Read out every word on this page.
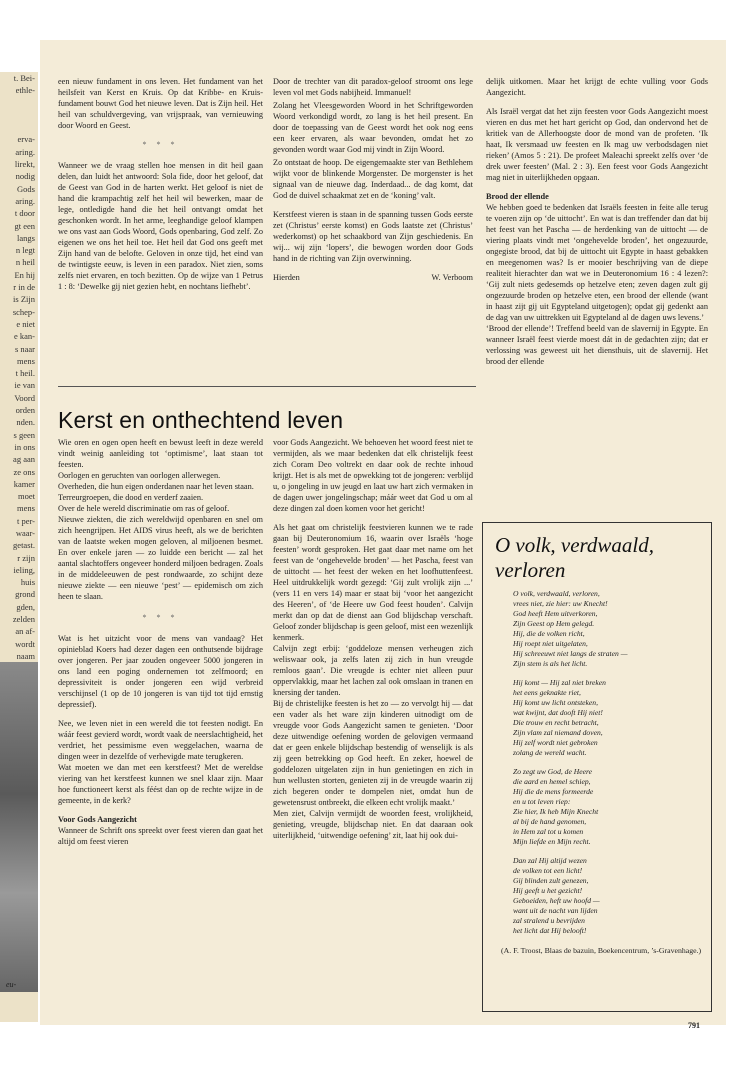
t. Bei-
ethle-

erva-
aring.
lirekt,
nodig
Gods
aring.
t door
gt een
langs
n legt
n heil
En hij
r in de
is Zijn
schep-
e niet
e kan-
s naar
mens
t heil.
ie van
Voord
orden
nden.
s geen
in ons
ag aan
ze ons
kamer
moet
mens
t per-
waar-
getast.
r zijn
ieling,
huis
grond
gden,
zelden
an af-
wordt
naam
eu-

een nieuw fundament in ons leven. Het fundament van het heilsfeit van Kerst en Kruis. Op dat Kribbe- en Kruis-fundament bouwt God het nieuwe leven. Dat is Zijn heil. Het heil van schuldvergeving, van vrijspraak, van vernieuwing door Woord en Geest.

* * *

Wanneer we de vraag stellen hoe mensen in dit heil gaan delen, dan luidt het antwoord: Sola fide, door het geloof, dat de Geest van God in de harten werkt. Het geloof is niet de hand die krampachtig zelf het heil wil bewerken, maar de lege, ontledigde hand die het heil ontvangt omdat het geschonken wordt. In het arme, leeghandige geloof klampen we ons vast aan Gods Woord, Gods openbaring, God zelf. Zo eigenen we ons het heil toe. Het heil dat God ons geeft met Zijn hand van de belofte. Geloven in onze tijd, het eind van de twintigste eeuw, is leven in een paradox. Niet zien, soms zelfs niet ervaren, en toch bezitten. Op de wijze van 1 Petrus 1 : 8: ‘Dewelke gij niet gezien hebt, en nochtans liefhebt’.

Door de trechter van dit paradox-geloof stroomt ons lege leven vol met Gods nabijheid. Immanuel!

Zolang het Vleesgeworden Woord in het Schriftgeworden Woord verkondigd wordt, zo lang is het heil present. En door de toepassing van de Geest wordt het ook nog eens een keer ervaren, als waar bevonden, omdat het zo gevonden wordt waar God mij vindt in Zijn Woord.

Zo ontstaat de hoop. De eigengemaakte ster van Bethlehem wijkt voor de blinkende Morgenster. De morgenster is het signaal van de nieuwe dag. Inderdaad... de dag komt, dat God de duivel schaakmat zet en de ‘koning’ valt.

Kerstfeest vieren is staan in de spanning tussen Gods eerste zet (Christus’ eerste komst) en Gods laatste zet (Christus’ wederkomst) op het schaakbord van Zijn geschiedenis. En wij... wij zijn ‘lopers’, die bewogen worden door Gods hand in de richting van Zijn overwinning.

Hierden	W. Verboom

delijk uitkomen. Maar het krijgt de echte vulling voor Gods Aangezicht.

Als Israël vergat dat het zijn feesten voor Gods Aangezicht moest vieren en dus met het hart gericht op God, dan ondervond het de kritiek van de Allerhoogste door de mond van de profeten. ‘Ik haat, Ik versmaad uw feesten en Ik mag uw verbodsdagen niet rieken’ (Amos 5 : 21). De profeet Maleachi spreekt zelfs over ‘de drek uwer feesten’ (Mal. 2 : 3). Een feest voor Gods Aangezicht mag niet in uiterlijkheden opgaan.

Brood der ellende

We hebben goed te bedenken dat Israëls feesten in feite alle terug te voeren zijn op ‘de uittocht’. En wat is dan treffender dan dat bij het feest van het Pascha — de herdenking van de uittocht — de viering plaats vindt met ‘ongehevelde broden’, het ongezuurde, ongegiste brood, dat bij de uittocht uit Egypte in haast gebakken en meegenomen was? Is er mooier beschrijving van de diepe realiteit hierachter dan wat we in Deuteronomium 16 : 4 lezen?: ‘Gij zult niets gedesemds op hetzelve eten; zeven dagen zult gij ongezuurde broden op hetzelve eten, een brood der ellende (want in haast zijt gij uit Egypteland uitgetogen); opdat gij gedenkt aan de dag van uw uittrekken uit Egypteland al de dagen uws levens.’

‘Brood der ellende’! Treffend beeld van de slavernij in Egypte. En wanneer Israël feest vierde moest dát in de gedachten zijn; dat er verlossing was geweest uit het diensthuis, uit de slavernij. Het brood der ellende

Kerst en onthechtend leven

Wie oren en ogen open heeft en bewust leeft in deze wereld vindt weinig aanleiding tot ‘optimisme’, laat staan tot feesten.

Oorlogen en geruchten van oorlogen allerwegen.

Overheden, die hun eigen onderdanen naar het leven staan.

Terreurgroepen, die dood en verderf zaaien.

Over de hele wereld discriminatie om ras of geloof.

Nieuwe ziekten, die zich wereldwijd openbaren en snel om zich heengrijpen. Het AIDS virus heeft, als we de berichten van de laatste weken mogen geloven, al miljoenen besmet. En over enkele jaren — zo luidde een bericht — zal het aantal slachtoffers ongeveer honderd miljoen bedragen. Zoals in de middeleeuwen de pest rondwaarde, zo schijnt deze nieuwe ziekte — een nieuwe ‘pest’ — epidemisch om zich heen te slaan.

* * *

Wat is het uitzicht voor de mens van vandaag? Het opinieblad Koers had dezer dagen een onthutsende bijdrage over jongeren. Per jaar zouden ongeveer 5000 jongeren in ons land een poging ondernemen tot zelfmoord; en depressiviteit is onder jongeren een wijd verbreid verschijnsel (1 op de 10 jongeren is van tijd tot tijd ernstig depressief).

Nee, we leven niet in een wereld die tot feesten nodigt. En wáár feest gevierd wordt, wordt vaak de neerslachtigheid, het verdriet, het pessimisme even weggelachen, waarna de dingen weer in dezelfde of verhevigde mate terugkeren.

Wat moeten we dan met een kerstfeest? Met de wereldse viering van het kerstfeest kunnen we snel klaar zijn. Maar hoe functioneert kerst als féést dan op de rechte wijze in de gemeente, in de kerk?

Voor Gods Aangezicht

Wanneer de Schrift ons spreekt over feest vieren dan gaat het altijd om feest vieren

voor Gods Aangezicht. We behoeven het woord feest niet te vermijden, als we maar bedenken dat elk christelijk feest zich Coram Deo voltrekt en daar ook de rechte inhoud krijgt. Het is als met de opwekking tot de jongeren: verblijd u, o jongeling in uw jeugd en laat uw hart zich vermaken in de dagen uwer jongelingschap; máár weet dat God u om al deze dingen zal doen komen voor het gericht!

Als het gaat om christelijk feestvieren kunnen we te rade gaan bij Deuteronomium 16, waarin over Israëls ‘hoge feesten’ wordt gesproken. Het gaat daar met name om het feest van de ‘ongehevelde broden’ — het Pascha, feest van de uittocht — het feest der weken en het loofhuttenfeest. Heel uitdrukkelijk wordt gezegd: ‘Gij zult vrolijk zijn ...’ (vers 11 en vers 14) maar er staat bij ‘voor het aangezicht des Heeren’, of ‘de Heere uw God feest houden’. Calvijn merkt dan op dat de dienst aan God blijdschap verschaft. Geloof zonder blijdschap is geen geloof, mist een wezenlijk kenmerk.

Calvijn zegt erbij: ‘goddeloze mensen verheugen zich weliswaar ook, ja zelfs laten zij zich in hun vreugde remloos gaan’. Die vreugde is echter niet alleen puur oppervlakkig, maar het lachen zal ook omslaan in tranen en knersing der tanden.

Bij de christelijke feesten is het zo — zo vervolgt hij — dat een vader als het ware zijn kinderen uitnodigt om de vreugde voor Gods Aangezicht samen te genieten. ‘Door deze uitwendige oefening worden de gelovigen vermaand dat er geen enkele blijdschap bestendig of wenselijk is als zij geen betrekking op God heeft. En zeker, hoewel de goddelozen uitgelaten zijn in hun genietingen en zich in hun wellusten storten, genieten zij in de vreugde waarin zij zich begeren onder te dompelen niet, omdat hun de gewetensrust ontbreekt, die elkeen echt vrolijk maakt.’

Men ziet, Calvijn vermijdt de woorden feest, vrolijkheid, genieting, vreugde, blijdschap niet. En dat daaraan ook uiterlijkheid, ‘uitwendige oefening’ zit, laat hij ook dui-

O volk, verdwaald, verloren
O volk, verdwaald, verloren,
vrees niet, zie hier: uw Knecht!
God heeft Hem uitverkoren,
Zijn Geest op Hem gelegd.
Hij, die de volken richt,
Hij roept niet uitgelaten,
Hij schreeuwt niet langs de straten —
Zijn stem is als het licht.
Hij komt — Hij zal niet breken
het eens geknakte riet,
Hij komt uw licht ontsteken,
wat kwijnt, dat dooft Hij niet!
Die trouw en recht betracht,
Zijn vlam zal niemand doven,
Hij zelf wordt niet gebroken
zolang de wereld wacht.
Zo zegt uw God, de Heere
die aard en hemel schiep,
Hij die de mens formeerde
en u tot leven riep:
Zie hier, Ik heb Mijn Knecht
al bij de hand genomen,
in Hem zal tot u komen
Mijn liefde en Mijn recht.
Dan zal Hij altijd wezen
de volken tot een licht!
Gij blinden zult genezen,
Hij geeft u het gezicht!
Geboeiden, heft uw hoofd —
want uit de nacht van lijden
zal stralend u bevrijden
het licht dat Hij belooft!
(A. F. Troost, Blaas de bazuin, Boekencentrum, ’s-Gravenhage.)
791
